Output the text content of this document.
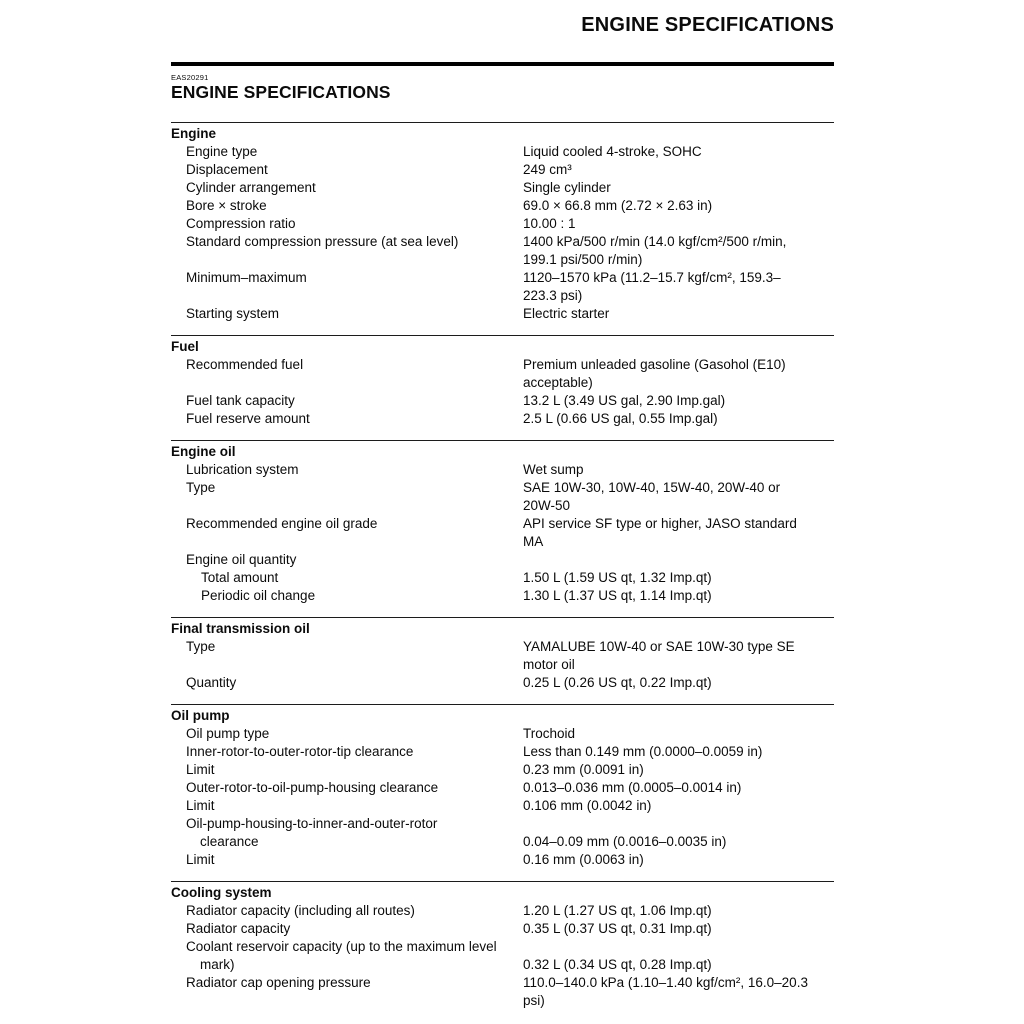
ENGINE SPECIFICATIONS
EAS20291
ENGINE SPECIFICATIONS
Engine
Engine type	Liquid cooled 4-stroke, SOHC
Displacement	249 cm³
Cylinder arrangement	Single cylinder
Bore × stroke	69.0 × 66.8 mm (2.72 × 2.63 in)
Compression ratio	10.00 : 1
Standard compression pressure (at sea level)	1400 kPa/500 r/min (14.0 kgf/cm²/500 r/min,
199.1 psi/500 r/min)
Minimum–maximum	1120–1570 kPa (11.2–15.7 kgf/cm², 159.3–
223.3 psi)
Starting system	Electric starter
Fuel
Recommended fuel	Premium unleaded gasoline (Gasohol (E10)
acceptable)
Fuel tank capacity	13.2 L (3.49 US gal, 2.90 Imp.gal)
Fuel reserve amount	2.5 L (0.66 US gal, 0.55 Imp.gal)
Engine oil
Lubrication system	Wet sump
Type	SAE 10W-30, 10W-40, 15W-40, 20W-40 or
20W-50
Recommended engine oil grade	API service SF type or higher, JASO standard
MA
Engine oil quantity
Total amount	1.50 L (1.59 US qt, 1.32 Imp.qt)
Periodic oil change	1.30 L (1.37 US qt, 1.14 Imp.qt)
Final transmission oil
Type	YAMALUBE 10W-40 or SAE 10W-30 type SE
motor oil
Quantity	0.25 L (0.26 US qt, 0.22 Imp.qt)
Oil pump
Oil pump type	Trochoid
Inner-rotor-to-outer-rotor-tip clearance	Less than 0.149 mm (0.0000–0.0059 in)
Limit	0.23 mm (0.0091 in)
Outer-rotor-to-oil-pump-housing clearance	0.013–0.036 mm (0.0005–0.0014 in)
Limit	0.106 mm (0.0042 in)
Oil-pump-housing-to-inner-and-outer-rotor
clearance	0.04–0.09 mm (0.0016–0.0035 in)
Limit	0.16 mm (0.0063 in)
Cooling system
Radiator capacity (including all routes)	1.20 L (1.27 US qt, 1.06 Imp.qt)
Radiator capacity	0.35 L (0.37 US qt, 0.31 Imp.qt)
Coolant reservoir capacity (up to the maximum level
mark)	0.32 L (0.34 US qt, 0.28 Imp.qt)
Radiator cap opening pressure	110.0–140.0 kPa (1.10–1.40 kgf/cm², 16.0–20.3
psi)
